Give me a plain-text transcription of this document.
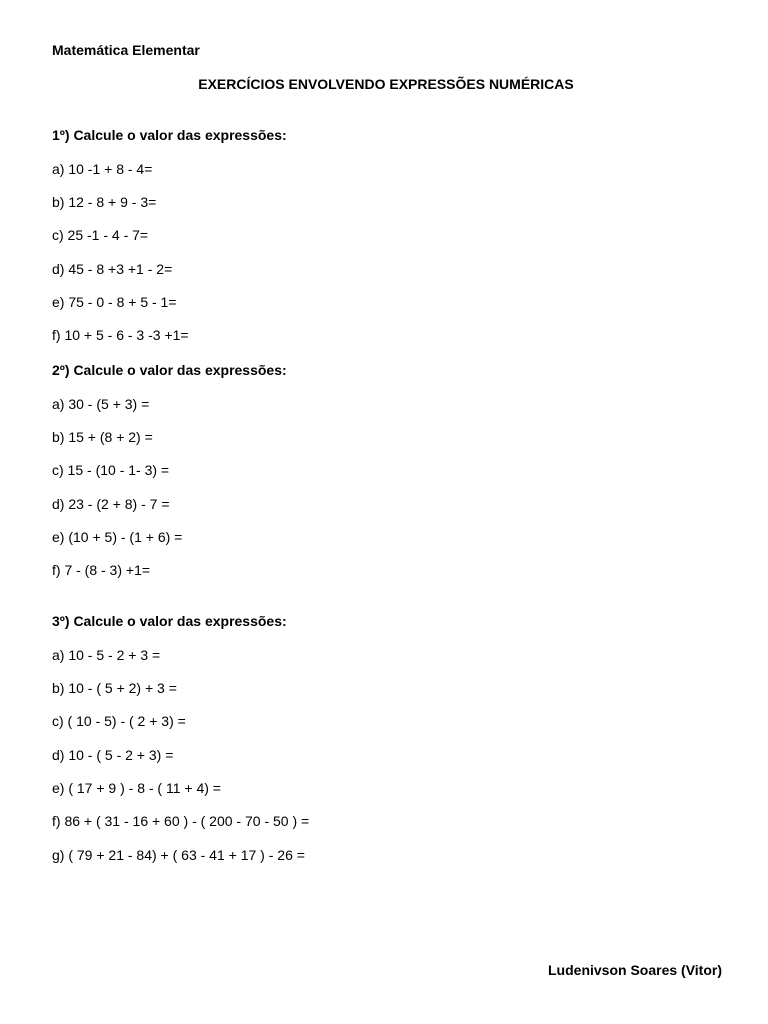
Matemática Elementar
EXERCÍCIOS ENVOLVENDO EXPRESSÕES NUMÉRICAS
1º) Calcule o valor das expressões:
a) 10 -1 + 8 - 4=
b) 12 - 8 + 9 - 3=
c) 25 -1 - 4 - 7=
d) 45 - 8 +3 +1 - 2=
e) 75 - 0 - 8 + 5 - 1=
f) 10 + 5 - 6 - 3 -3 +1=
2º) Calcule o valor das expressões:
a) 30 - (5 + 3) =
b) 15 + (8 + 2) =
c) 15 - (10 - 1- 3) =
d) 23 - (2 + 8) - 7 =
e) (10 + 5) - (1 + 6) =
f) 7 - (8 - 3) +1=
3º) Calcule o valor das expressões:
a) 10 - 5 - 2 + 3 =
b) 10 - ( 5 + 2) + 3 =
c) ( 10 - 5) - ( 2 + 3) =
d) 10 - ( 5 - 2 + 3) =
e) ( 17 + 9 ) - 8 - ( 11 + 4) =
f) 86 + ( 31 - 16 + 60 ) - ( 200 - 70 - 50 ) =
g) ( 79 + 21 - 84) + ( 63 - 41 + 17 ) - 26 =
Ludenivson Soares (Vitor)
